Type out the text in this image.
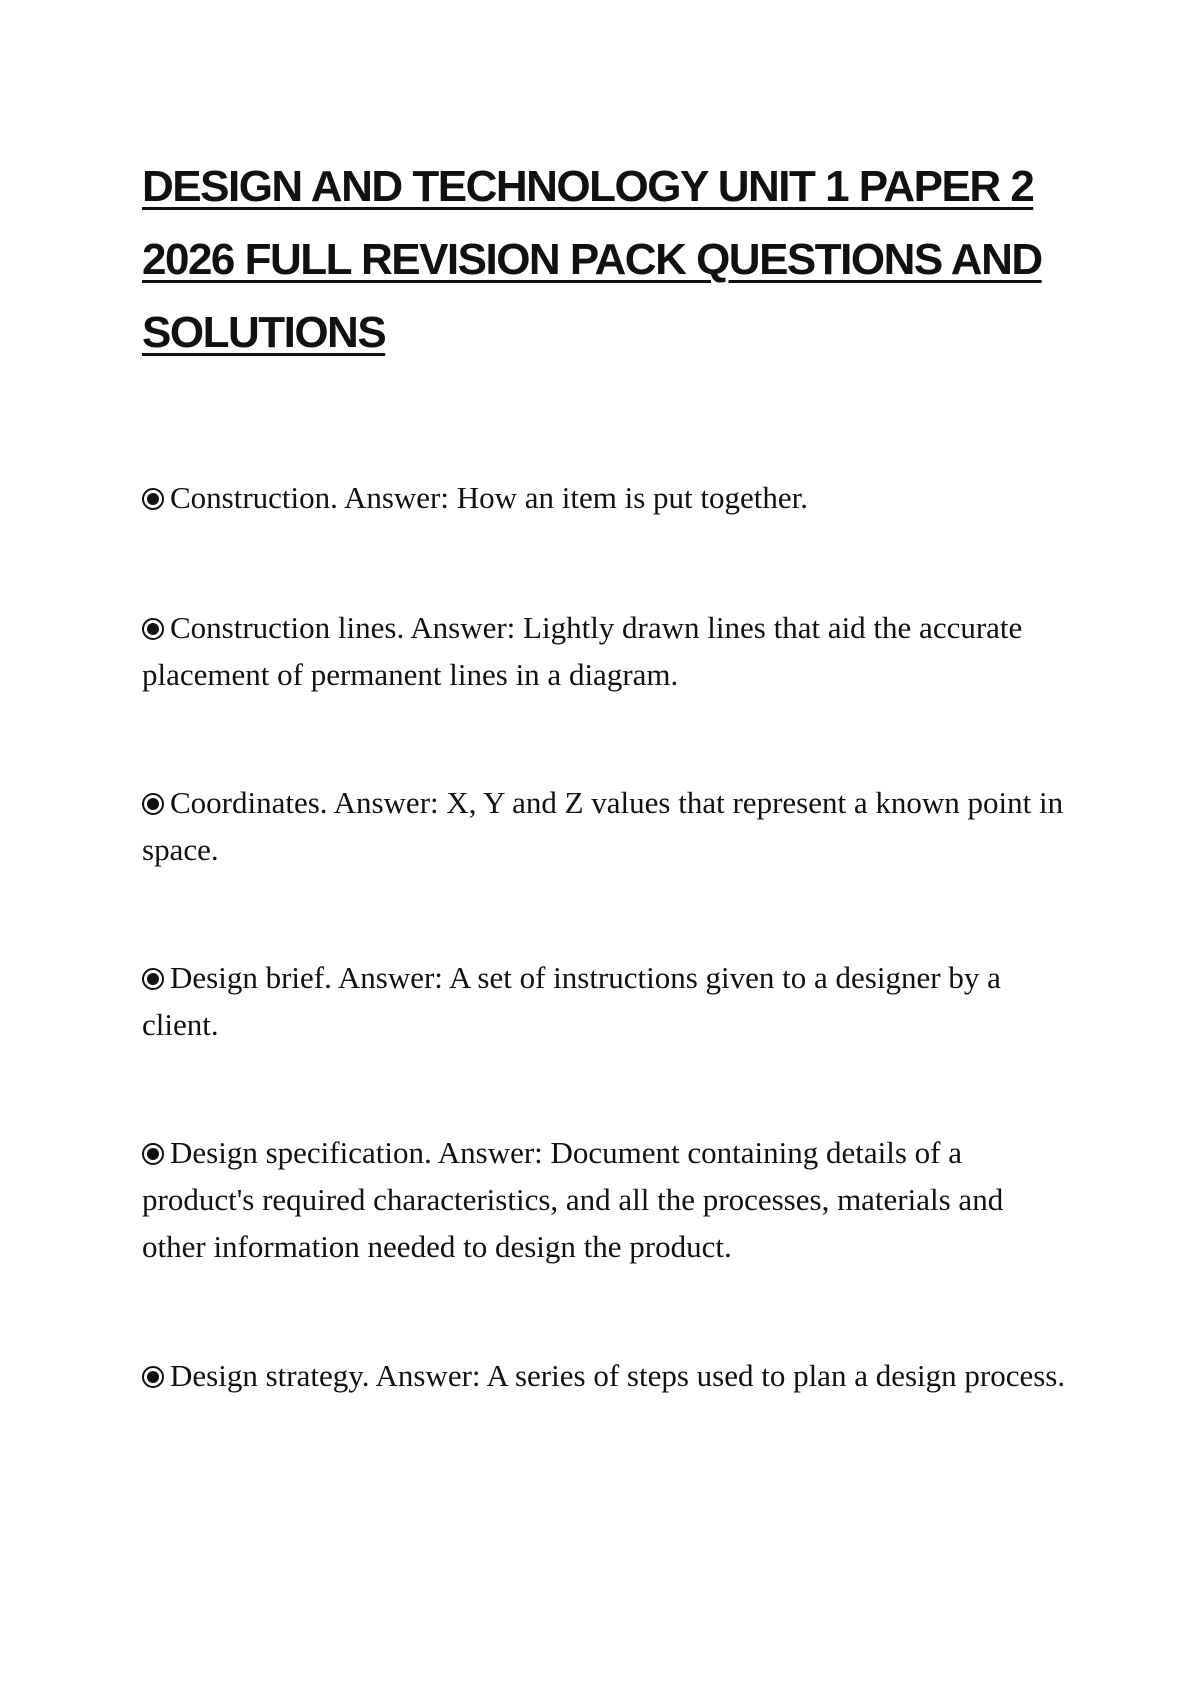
DESIGN AND TECHNOLOGY UNIT 1 PAPER 2 2026 FULL REVISION PACK QUESTIONS AND SOLUTIONS

Construction. Answer: How an item is put together.

Construction lines. Answer: Lightly drawn lines that aid the accurate placement of permanent lines in a diagram.

Coordinates. Answer: X, Y and Z values that represent a known point in space.

Design brief. Answer: A set of instructions given to a designer by a client.

Design specification. Answer: Document containing details of a product's required characteristics, and all the processes, materials and other information needed to design the product.

Design strategy. Answer: A series of steps used to plan a design process.
